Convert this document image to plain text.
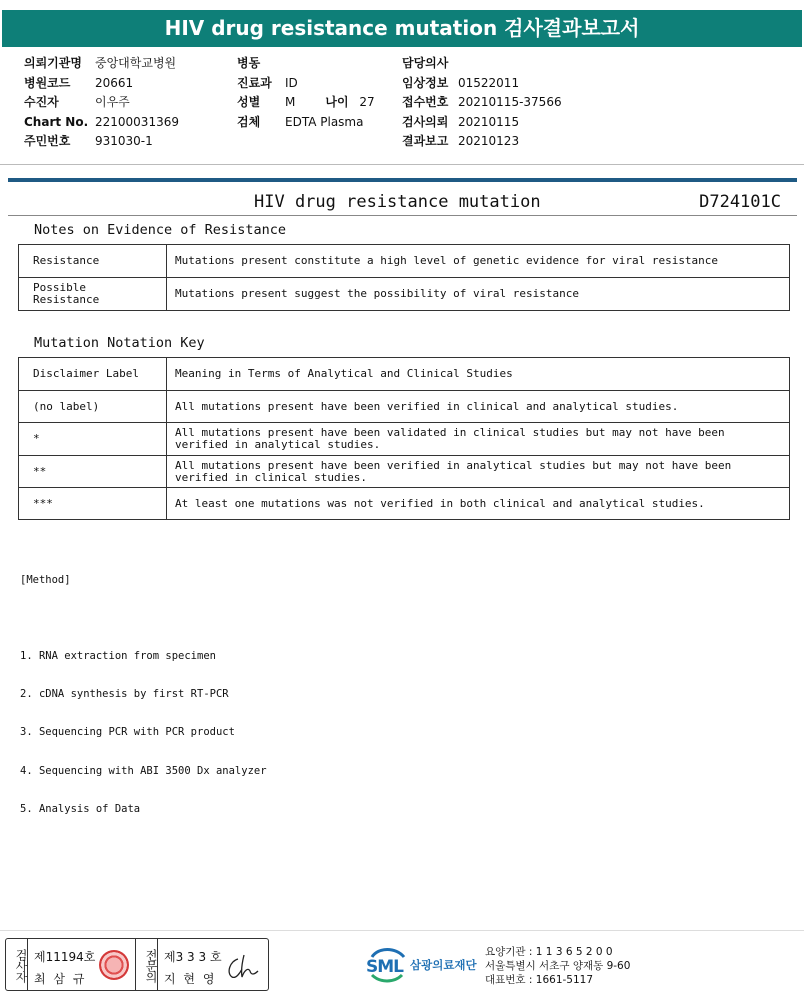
HIV drug resistance mutation 검사결과보고서
의뢰기관명	중앙대학교병원
병원코드	20661
수진자	이우주
Chart No. 22100031369
주민번호	931030-1
병동
진료과	ID
성별	M	나이 27
검체	EDTA Plasma
담당의사
임상정보 01522011
접수번호 20210115-37566
검사의뢰 20210115
결과보고 20210123
HIV drug resistance mutation	D724101C
Notes on Evidence of Resistance
Resistance	Mutations present constitute a high level of genetic evidence for viral resistance
Possible Resistance	Mutations present suggest the possibility of viral resistance
Mutation Notation Key
Disclaimer Label	Meaning in Terms of Analytical and Clinical Studies
(no label)	All mutations present have been verified in clinical and analytical studies.
*	All mutations present have been validated in clinical studies but may not have been verified in analytical studies.
**	All mutations present have been verified in analytical studies but may not have been verified in clinical studies.
***	At least one mutations was not verified in both clinical and analytical studies.

[Method]

1. RNA extraction from specimen

2. cDNA synthesis by first RT-PCR

3. Sequencing PCR with PCR product

4. Sequencing with ABI 3500 Dx analyzer

5. Analysis of Data

검사자 제11194호
최 삼 규	전문의 제3 3 3 호
지 현 영
SML 삼광의료재단
요양기관 : 1 1 3 6 5 2 0 0
서울특별시 서초구 양재동 9-60
대표번호 : 1661-5117
